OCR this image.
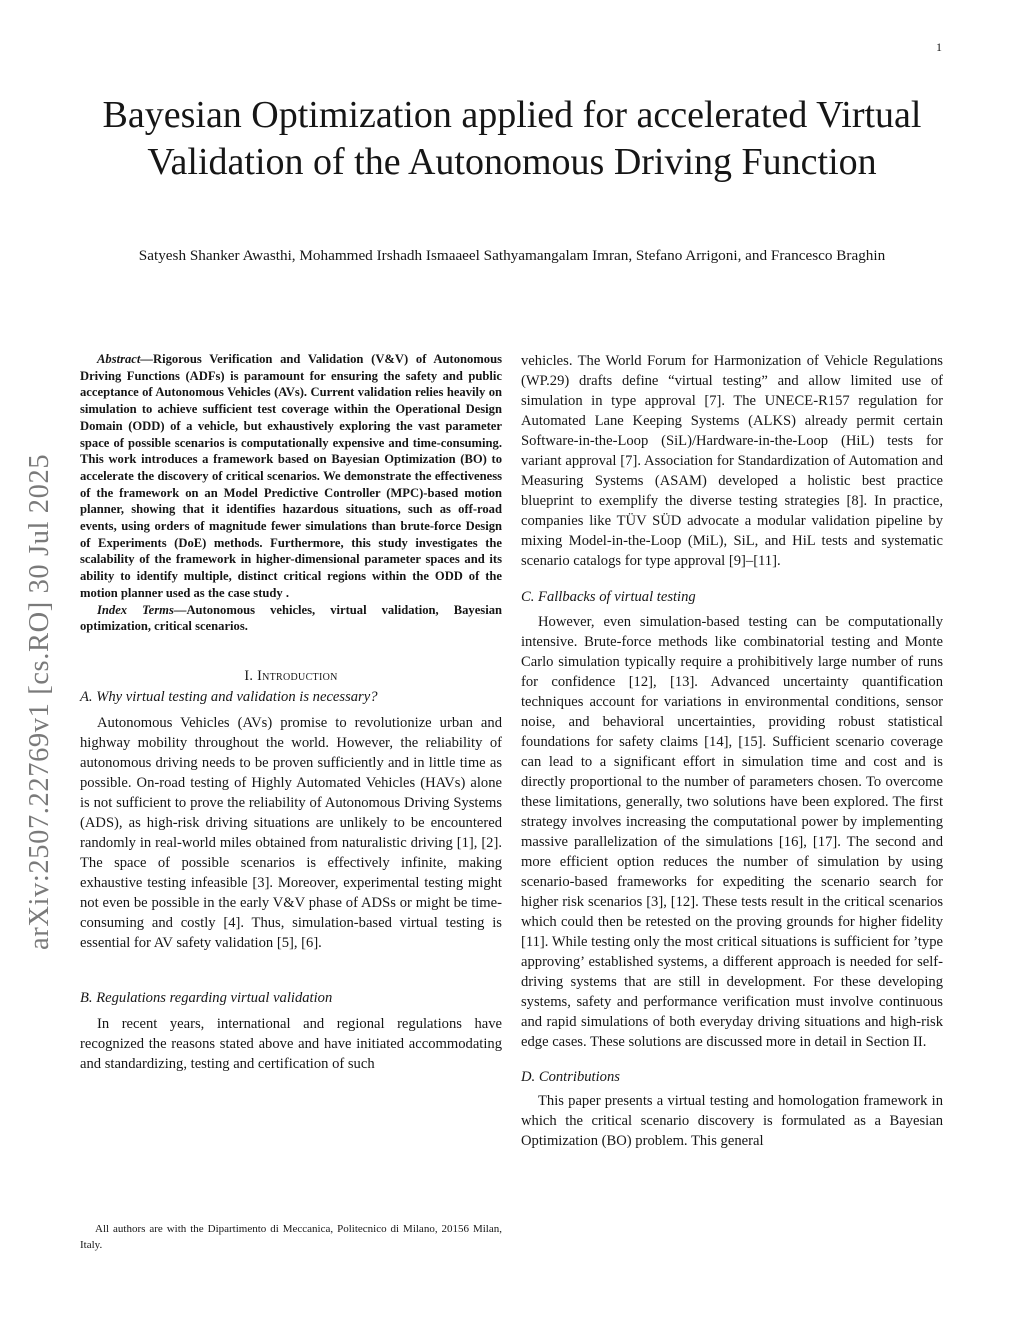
1
arXiv:2507.22769v1 [cs.RO] 30 Jul 2025
Bayesian Optimization applied for accelerated Virtual Validation of the Autonomous Driving Function
Satyesh Shanker Awasthi, Mohammed Irshadh Ismaaeel Sathyamangalam Imran, Stefano Arrigoni, and Francesco Braghin

Abstract—Rigorous Verification and Validation (V&V) of Autonomous Driving Functions (ADFs) is paramount for ensuring the safety and public acceptance of Autonomous Vehicles (AVs). Current validation relies heavily on simulation to achieve sufficient test coverage within the Operational Design Domain (ODD) of a vehicle, but exhaustively exploring the vast parameter space of possible scenarios is computationally expensive and time-consuming. This work introduces a framework based on Bayesian Optimization (BO) to accelerate the discovery of critical scenarios. We demonstrate the effectiveness of the framework on an Model Predictive Controller (MPC)-based motion planner, showing that it identifies hazardous situations, such as off-road events, using orders of magnitude fewer simulations than brute-force Design of Experiments (DoE) methods. Furthermore, this study investigates the scalability of the framework in higher-dimensional parameter spaces and its ability to identify multiple, distinct critical regions within the ODD of the motion planner used as the case study .

Index Terms—Autonomous vehicles, virtual validation, Bayesian optimization, critical scenarios.

I. Introduction
A. Why virtual testing and validation is necessary?

Autonomous Vehicles (AVs) promise to revolutionize urban and highway mobility throughout the world. However, the reliability of autonomous driving needs to be proven sufficiently and in little time as possible. On-road testing of Highly Automated Vehicles (HAVs) alone is not sufficient to prove the reliability of Autonomous Driving Systems (ADS), as high-risk driving situations are unlikely to be encountered randomly in real-world miles obtained from naturalistic driving [1], [2]. The space of possible scenarios is effectively infinite, making exhaustive testing infeasible [3]. Moreover, experimental testing might not even be possible in the early V&V phase of ADSs or might be time-consuming and costly [4]. Thus, simulation-based virtual testing is essential for AV safety validation [5], [6].

B. Regulations regarding virtual validation

In recent years, international and regional regulations have recognized the reasons stated above and have initiated accommodating and standardizing, testing and certification of such

vehicles. The World Forum for Harmonization of Vehicle Regulations (WP.29) drafts define “virtual testing” and allow limited use of simulation in type approval [7]. The UNECE-R157 regulation for Automated Lane Keeping Systems (ALKS) already permit certain Software-in-the-Loop (SiL)/Hardware-in-the-Loop (HiL) tests for variant approval [7]. Association for Standardization of Automation and Measuring Systems (ASAM) developed a holistic best practice blueprint to exemplify the diverse testing strategies [8]. In practice, companies like TÜV SÜD advocate a modular validation pipeline by mixing Model-in-the-Loop (MiL), SiL, and HiL tests and systematic scenario catalogs for type approval [9]–[11].

C. Fallbacks of virtual testing

However, even simulation-based testing can be computationally intensive. Brute-force methods like combinatorial testing and Monte Carlo simulation typically require a prohibitively large number of runs for confidence [12], [13]. Advanced uncertainty quantification techniques account for variations in environmental conditions, sensor noise, and behavioral uncertainties, providing robust statistical foundations for safety claims [14], [15]. Sufficient scenario coverage can lead to a significant effort in simulation time and cost and is directly proportional to the number of parameters chosen. To overcome these limitations, generally, two solutions have been explored. The first strategy involves increasing the computational power by implementing massive parallelization of the simulations [16], [17]. The second and more efficient option reduces the number of simulation by using scenario-based frameworks for expediting the scenario search for higher risk scenarios [3], [12]. These tests result in the critical scenarios which could then be retested on the proving grounds for higher fidelity [11]. While testing only the most critical situations is sufficient for ’type approving’ established systems, a different approach is needed for self-driving systems that are still in development. For these developing systems, safety and performance verification must involve continuous and rapid simulations of both everyday driving situations and high-risk edge cases. These solutions are discussed more in detail in Section II.

D. Contributions

This paper presents a virtual testing and homologation framework in which the critical scenario discovery is formulated as a Bayesian Optimization (BO) problem. This general

All authors are with the Dipartimento di Meccanica, Politecnico di Milano, 20156 Milan, Italy.
